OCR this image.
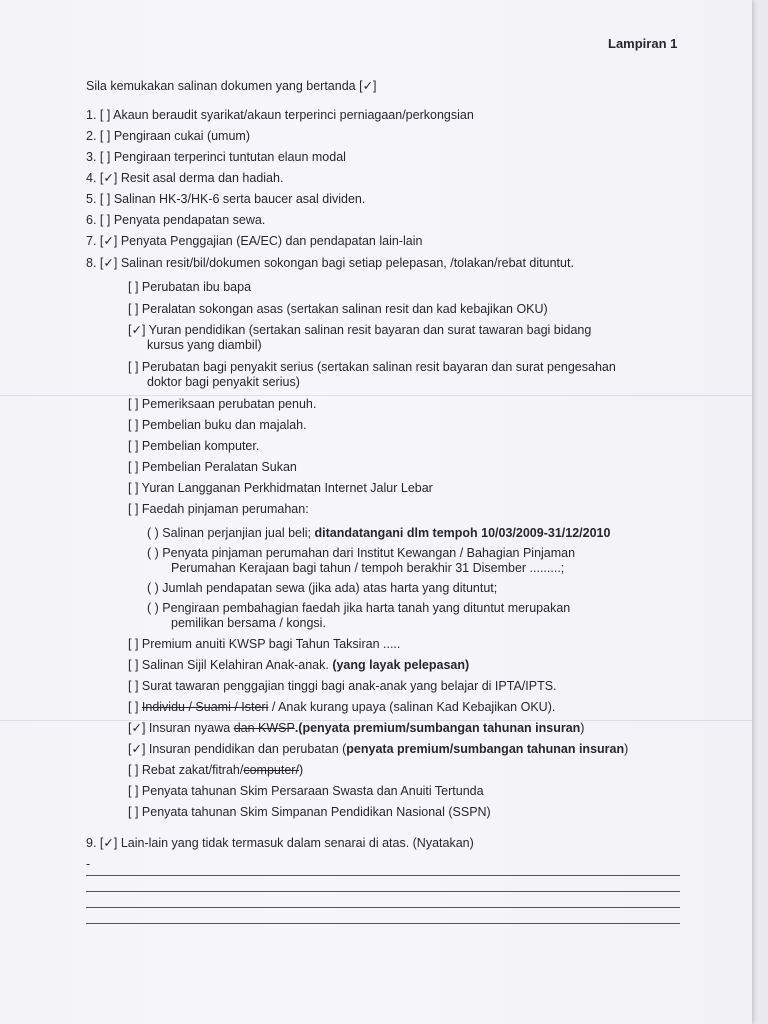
Lampiran 1
Sila kemukakan salinan dokumen yang bertanda [✓]
1. [ ] Akaun beraudit syarikat/akaun terperinci perniagaan/perkongsian
2. [ ] Pengiraan cukai (umum)
3. [ ] Pengiraan terperinci tuntutan elaun modal
4. [✓] Resit asal derma dan hadiah.
5. [ ] Salinan HK-3/HK-6 serta baucer asal dividen.
6. [ ] Penyata pendapatan sewa.
7. [✓] Penyata Penggajian (EA/EC) dan pendapatan lain-lain
8. [✓] Salinan resit/bil/dokumen sokongan bagi setiap pelepasan, /tolakan/rebat dituntut.
[ ] Perubatan ibu bapa
[ ] Peralatan sokongan asas (sertakan salinan resit dan kad kebajikan OKU)
[✓] Yuran pendidikan (sertakan salinan resit bayaran dan surat tawaran bagi bidang
kursus yang diambil)
[ ] Perubatan bagi penyakit serius (sertakan salinan resit bayaran dan surat pengesahan
doktor bagi penyakit serius)
[ ] Pemeriksaan perubatan penuh.
[ ] Pembelian buku dan majalah.
[ ] Pembelian komputer.
[ ] Pembelian Peralatan Sukan
[ ] Yuran Langganan Perkhidmatan Internet Jalur Lebar
[ ] Faedah pinjaman perumahan:
( ) Salinan perjanjian jual beli; ditandatangani dlm tempoh 10/03/2009-31/12/2010
( ) Penyata pinjaman perumahan dari Institut Kewangan / Bahagian Pinjaman
Perumahan Kerajaan bagi tahun / tempoh berakhir 31 Disember .........;
( ) Jumlah pendapatan sewa (jika ada) atas harta yang dituntut;
( ) Pengiraan pembahagian faedah jika harta tanah yang dituntut merupakan
pemilikan bersama / kongsi.
[ ] Premium anuiti KWSP bagi Tahun Taksiran .....
[ ] Salinan Sijil Kelahiran Anak-anak. (yang layak pelepasan)
[ ] Surat tawaran penggajian tinggi bagi anak-anak yang belajar di IPTA/IPTS.
[ ] Individu / Suami / Isteri / Anak kurang upaya (salinan Kad Kebajikan OKU).
[✓] Insuran nyawa dan KWSP.(penyata premium/sumbangan tahunan insuran)
[✓] Insuran pendidikan dan perubatan (penyata premium/sumbangan tahunan insuran)
[ ] Rebat zakat/fitrah/computer/)
[ ] Penyata tahunan Skim Persaraan Swasta dan Anuiti Tertunda
[ ] Penyata tahunan Skim Simpanan Pendidikan Nasional (SSPN)
9. [✓] Lain-lain yang tidak termasuk dalam senarai di atas. (Nyatakan)
-
